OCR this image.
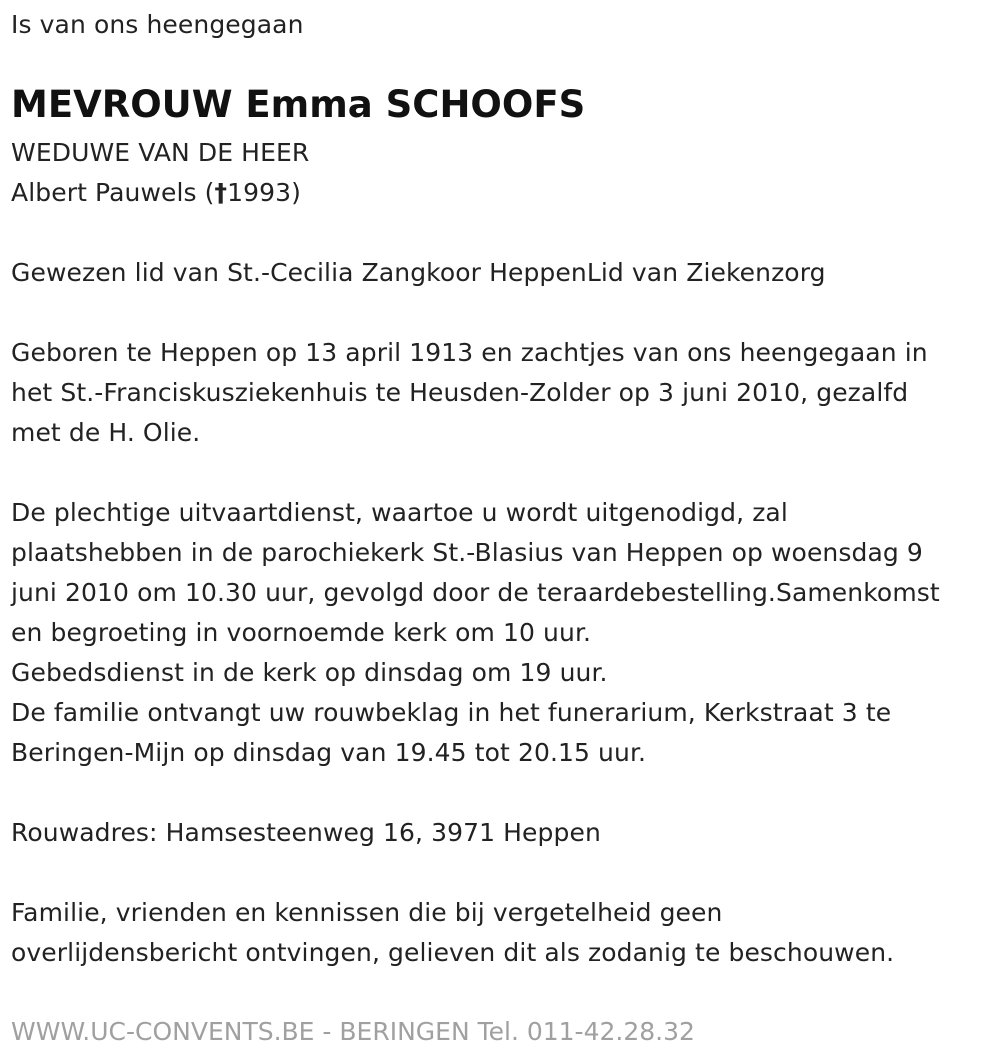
Is van ons heengegaan
MEVROUW Emma SCHOOFS
WEDUWE VAN DE HEER
Albert Pauwels (†1993)
Gewezen lid van St.-Cecilia Zangkoor HeppenLid van Ziekenzorg
Geboren te Heppen op 13 april 1913 en zachtjes van ons heengegaan in
het St.-Franciskusziekenhuis te Heusden-Zolder op 3 juni 2010, gezalfd
met de H. Olie.
De plechtige uitvaartdienst, waartoe u wordt uitgenodigd, zal
plaatshebben in de parochiekerk St.-Blasius van Heppen op woensdag 9
juni 2010 om 10.30 uur, gevolgd door de teraardebestelling.Samenkomst
en begroeting in voornoemde kerk om 10 uur.
Gebedsdienst in de kerk op dinsdag om 19 uur.
De familie ontvangt uw rouwbeklag in het funerarium, Kerkstraat 3 te
Beringen-Mijn op dinsdag van 19.45 tot 20.15 uur.
Rouwadres: Hamsesteenweg 16, 3971 Heppen
Familie, vrienden en kennissen die bij vergetelheid geen
overlijdensbericht ontvingen, gelieven dit als zodanig te beschouwen.
WWW.UC-CONVENTS.BE - BERINGEN Tel. 011-42.28.32
